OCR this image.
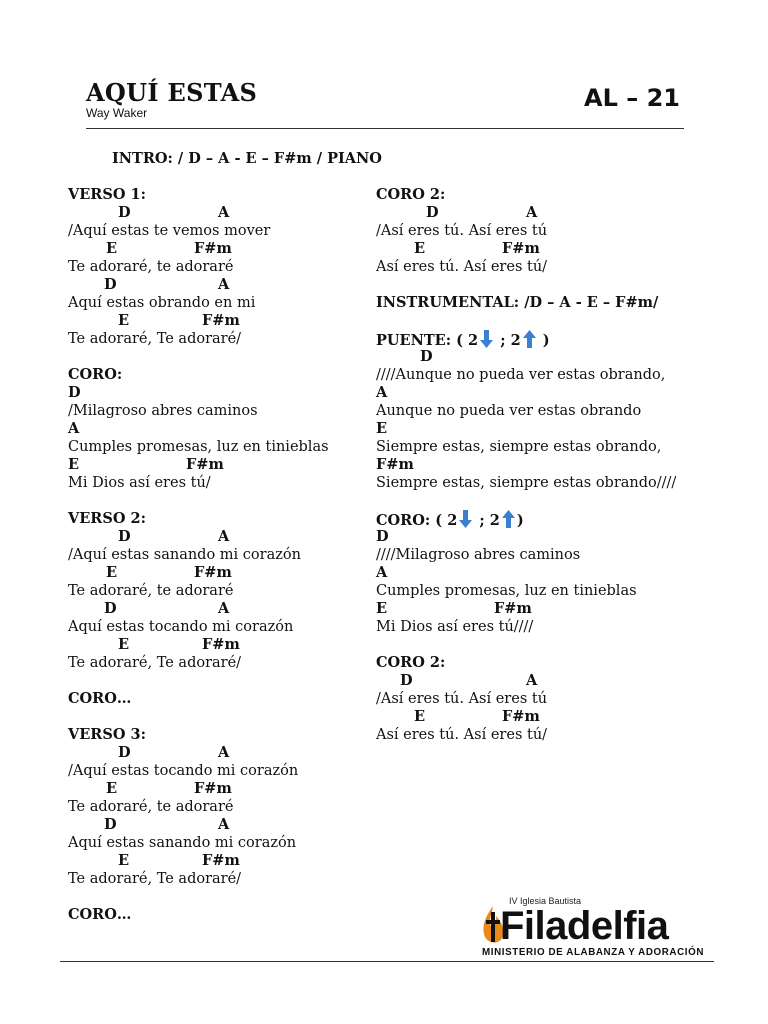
AQUÍ ESTAS
Way Waker
AL – 21
INTRO: / D – A - E – F#m / PIANO
VERSO 1:
D	A
/Aquí estas te vemos mover
E	F#m
Te adoraré, te adoraré
D	A
Aquí estas obrando en mi
E	F#m
Te adoraré, Te adoraré/
CORO:
D
/Milagroso abres caminos
A
Cumples promesas, luz en tinieblas
E	F#m
Mi Dios así eres tú/
VERSO 2:
D	A
/Aquí estas sanando mi corazón
E	F#m
Te adoraré, te adoraré
D	A
Aquí estas tocando mi corazón
E	F#m
Te adoraré, Te adoraré/
CORO…
VERSO 3:
D	A
/Aquí estas tocando mi corazón
E	F#m
Te adoraré, te adoraré
D	A
Aquí estas sanando mi corazón
E	F#m
Te adoraré, Te adoraré/
CORO…
CORO 2:
D	A
/Así eres tú. Así eres tú
E	F#m
Así eres tú. Así eres tú/
INSTRUMENTAL: /D – A - E – F#m/
PUENTE: ( 2 ; 2 )
D
////Aunque no pueda ver estas obrando,
A
Aunque no pueda ver estas obrando
E
Siempre estas, siempre estas obrando,
F#m
Siempre estas, siempre estas obrando////
CORO: ( 2 ; 2 )
D
////Milagroso abres caminos
A
Cumples promesas, luz en tinieblas
E	F#m
Mi Dios así eres tú////
CORO 2:
D	A
/Así eres tú. Así eres tú
E	F#m
Así eres tú. Así eres tú/
IV Iglesia Bautista
Filadelfia
MINISTERIO DE ALABANZA Y ADORACIÓN
